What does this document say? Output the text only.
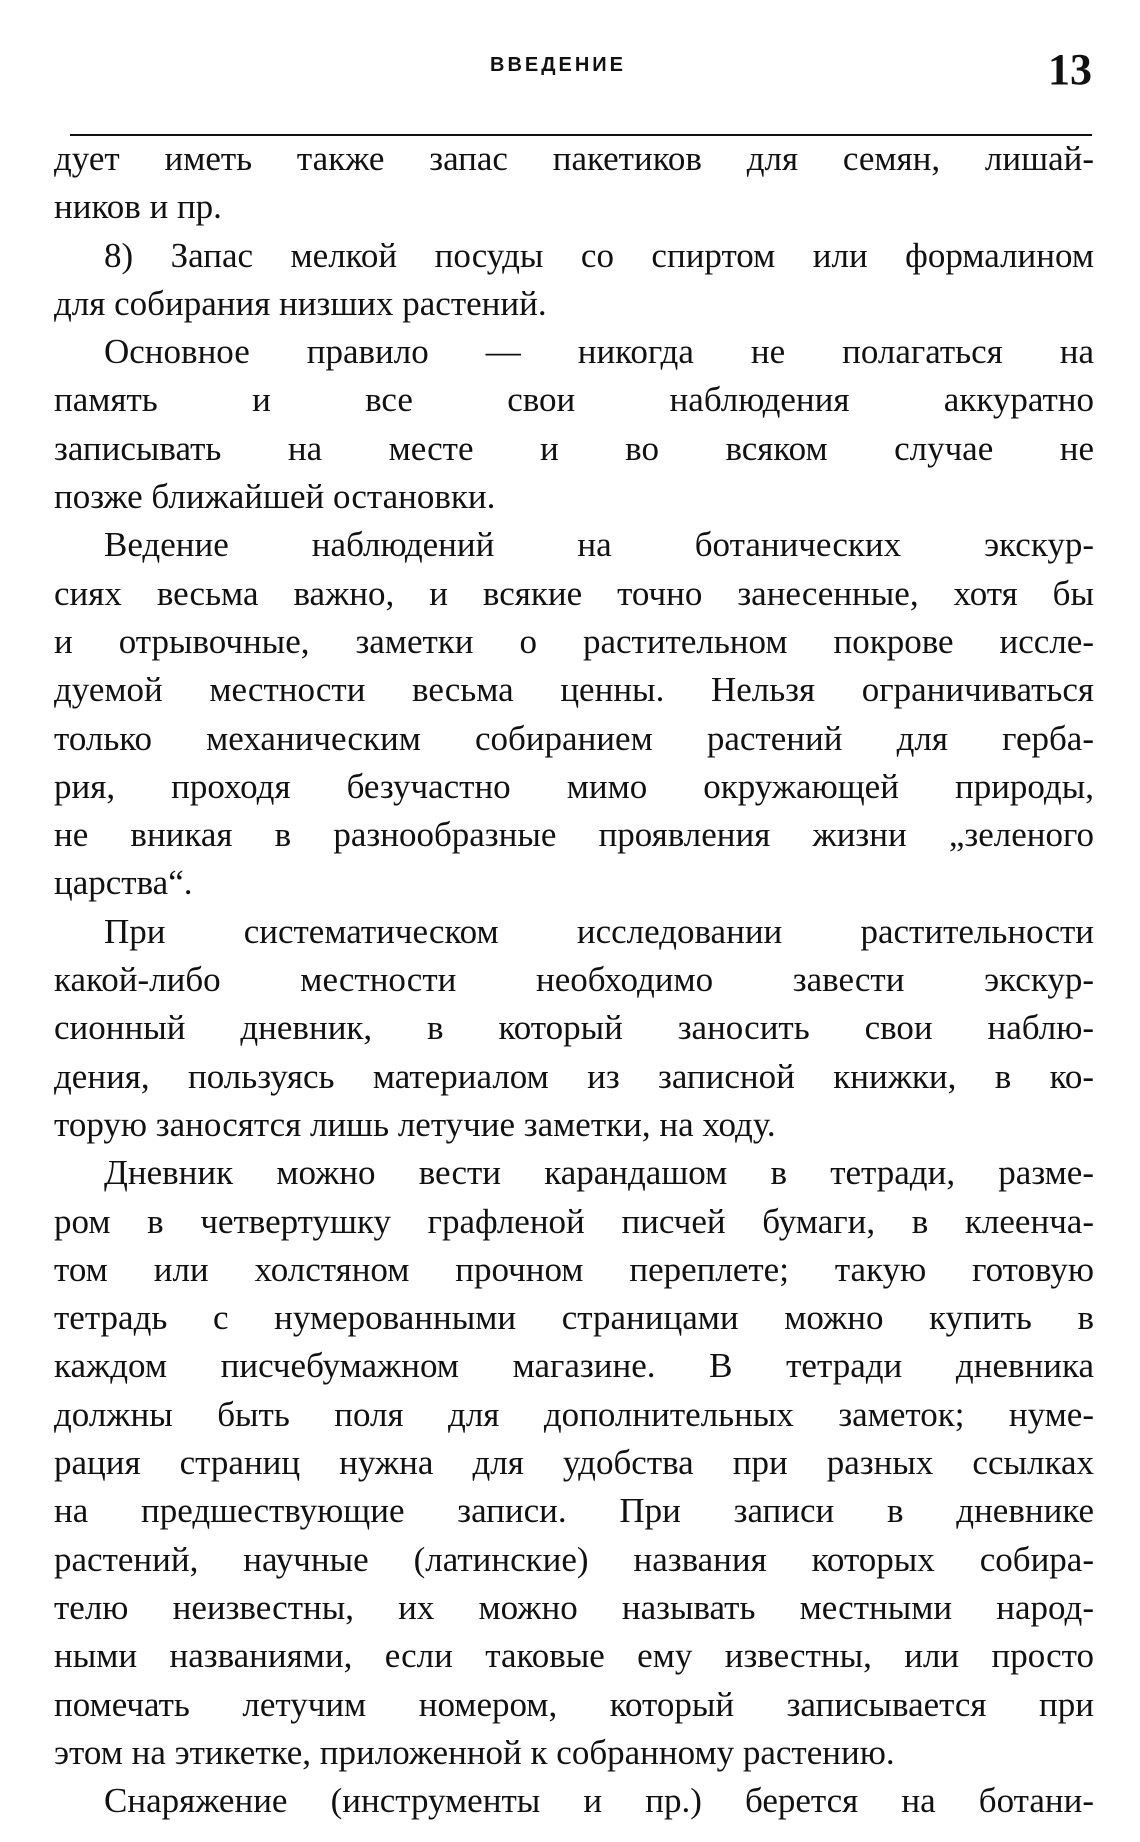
ВВЕДЕНИЕ	13
дует иметь также запас пакетиков для семян, лишай-
ников и пр.
8) Запас мелкой посуды со спиртом или формалином
для собирания низших растений.
Основное правило — никогда не полагаться на
память и все свои наблюдения аккуратно
записывать на месте и во всяком случае не
позже ближайшей остановки.
Ведение наблюдений на ботанических экскур-
сиях весьма важно, и всякие точно занесенные, хотя бы
и отрывочные, заметки о растительном покрове иссле-
дуемой местности весьма ценны. Нельзя ограничиваться
только механическим собиранием растений для герба-
рия, проходя безучастно мимо окружающей природы,
не вникая в разнообразные проявления жизни „зеленого
царства“.
При систематическом исследовании растительности
какой-либо местности необходимо завести экскур-
сионный дневник, в который заносить свои наблю-
дения, пользуясь материалом из записной книжки, в ко-
торую заносятся лишь летучие заметки, на ходу.
Дневник можно вести карандашом в тетради, разме-
ром в четвертушку графленой писчей бумаги, в клеенча-
том или холстяном прочном переплете; такую готовую
тетрадь с нумерованными страницами можно купить в
каждом писчебумажном магазине. В тетради дневника
должны быть поля для дополнительных заметок; нуме-
рация страниц нужна для удобства при разных ссылках
на предшествующие записи. При записи в дневнике
растений, научные (латинские) названия которых собира-
телю неизвестны, их можно называть местными народ-
ными названиями, если таковые ему известны, или просто
помечать летучим номером, который записывается при
этом на этикетке, приложенной к собранному растению.
Снаряжение (инструменты и пр.) берется на ботани-
